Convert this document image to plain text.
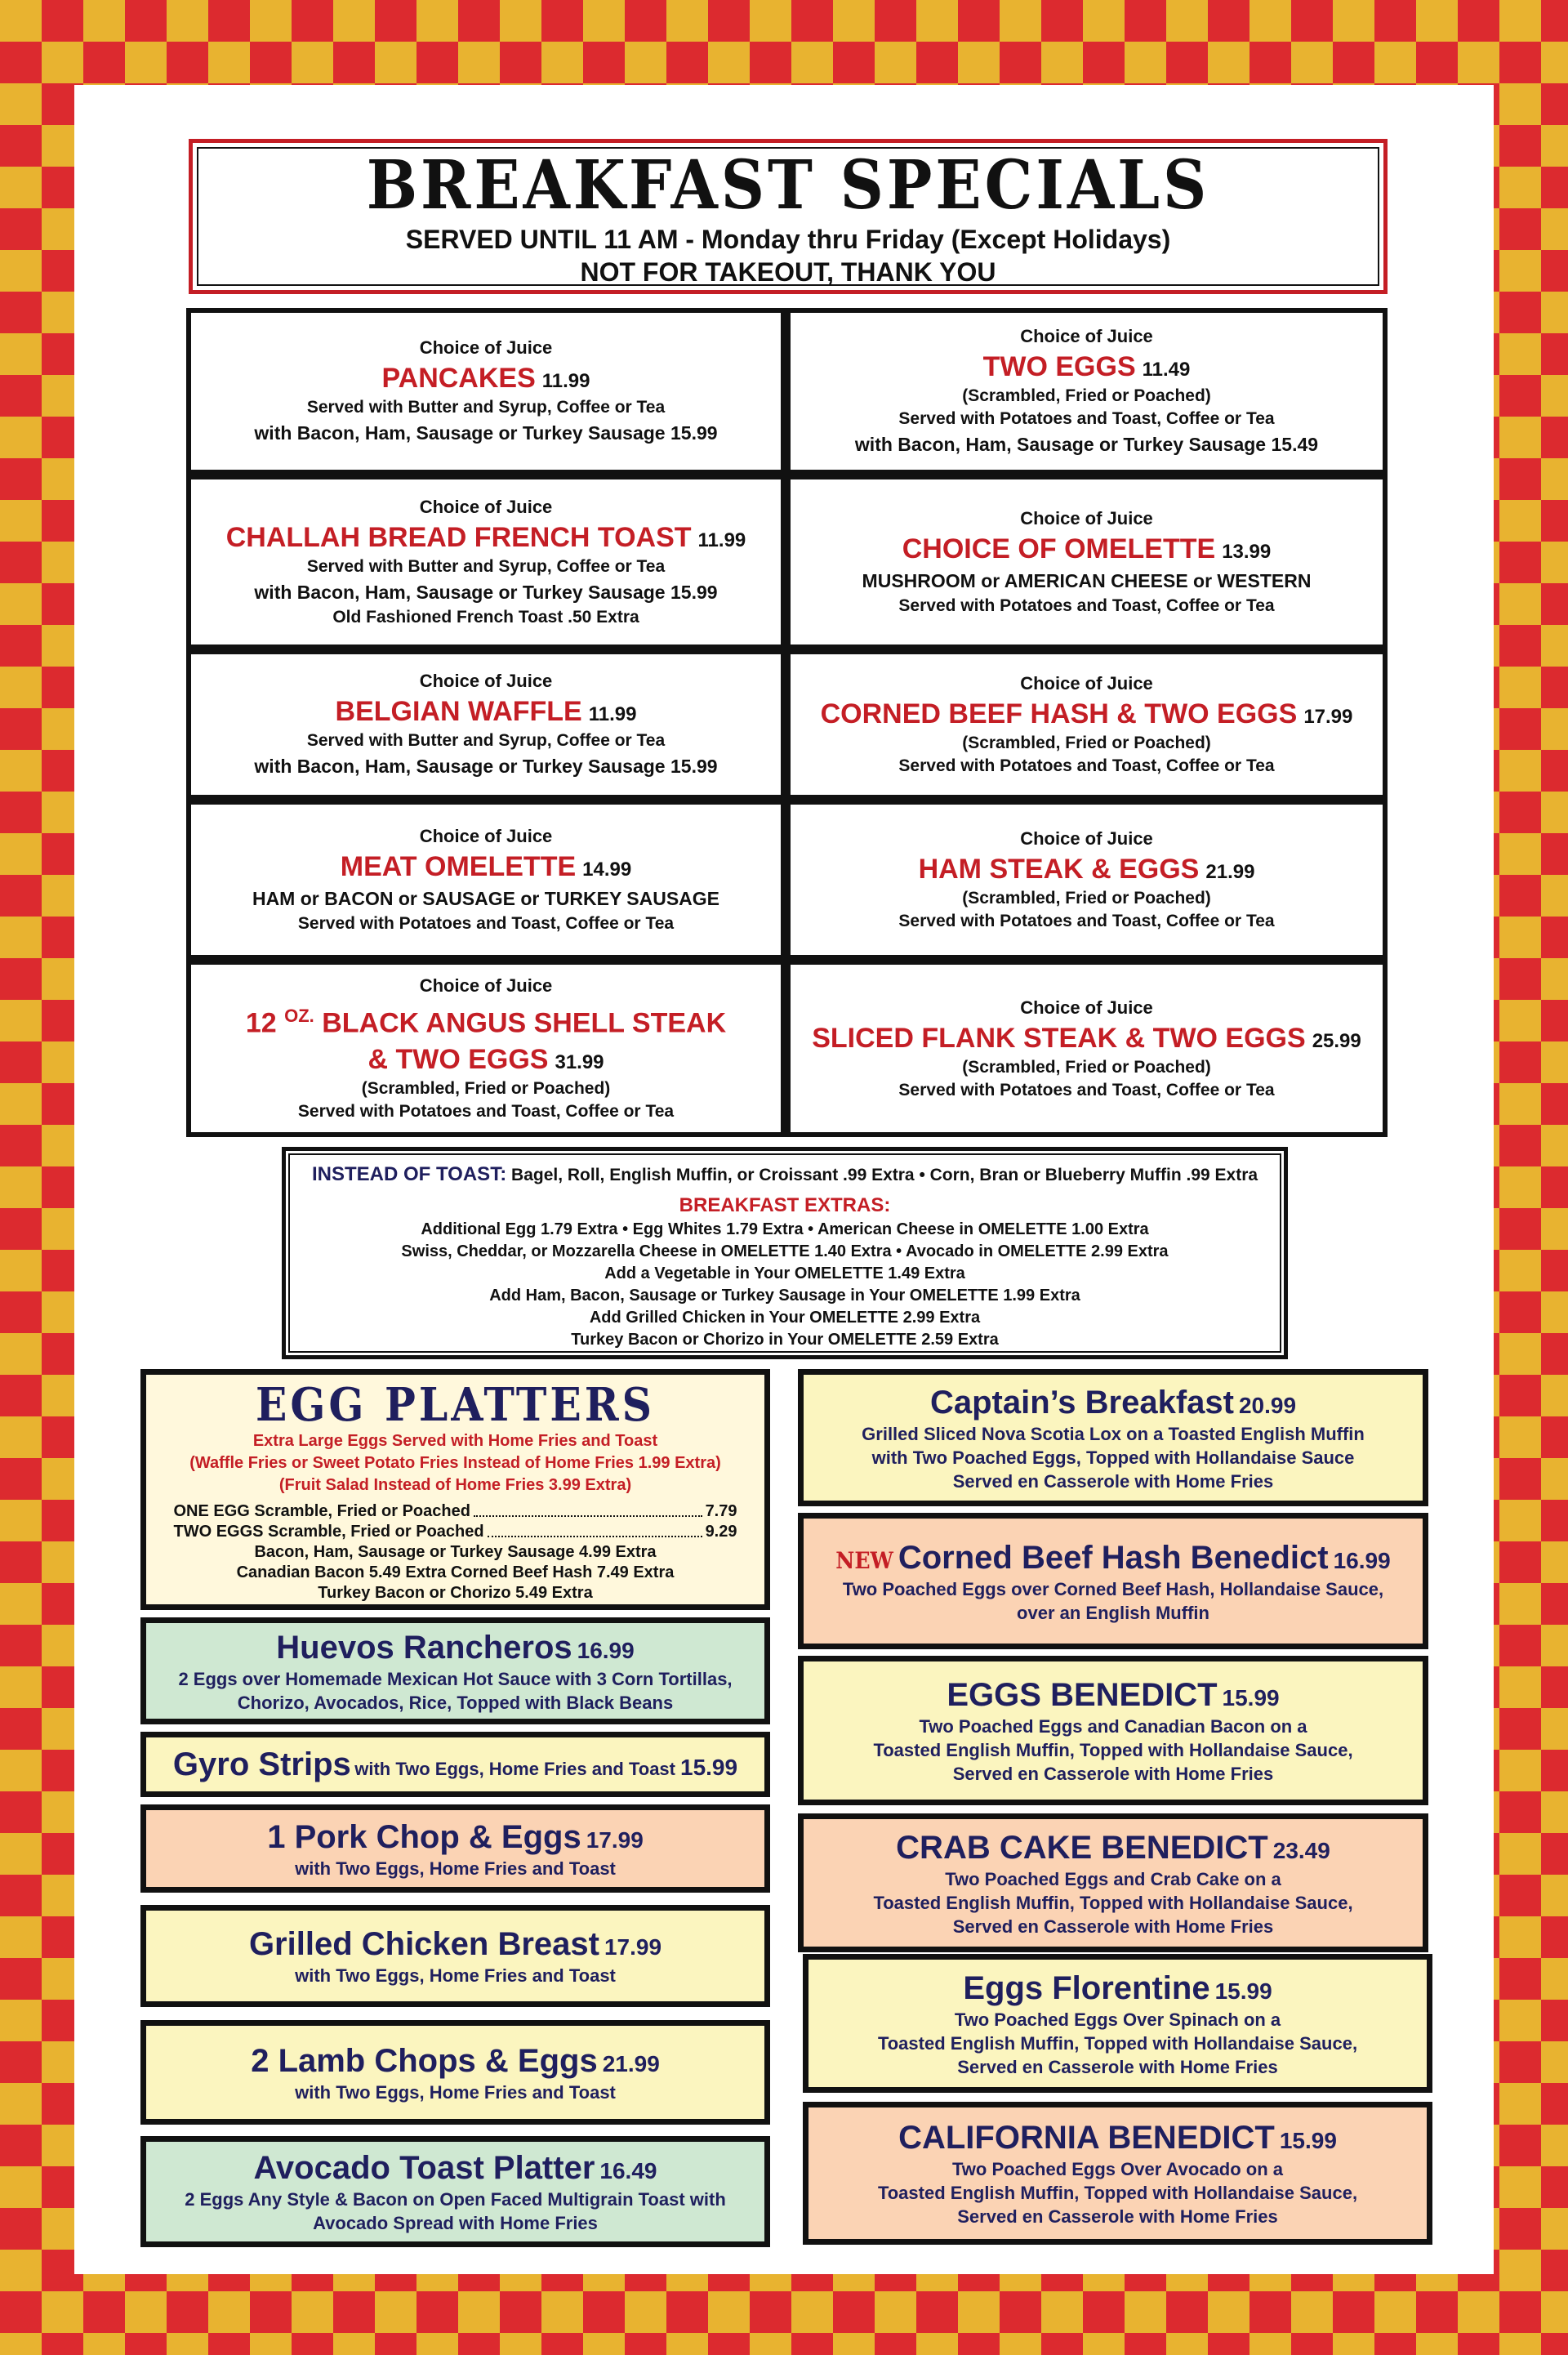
BREAKFAST SPECIALS
SERVED UNTIL 11 AM - Monday thru Friday (Except Holidays)
NOT FOR TAKEOUT, THANK YOU
Choice of Juice
PANCAKES 11.99
Served with Butter and Syrup, Coffee or Tea
with Bacon, Ham, Sausage or Turkey Sausage 15.99
Choice of Juice
TWO EGGS 11.49
(Scrambled, Fried or Poached)
Served with Potatoes and Toast, Coffee or Tea
with Bacon, Ham, Sausage or Turkey Sausage 15.49
Choice of Juice
CHALLAH BREAD FRENCH TOAST 11.99
Served with Butter and Syrup, Coffee or Tea
with Bacon, Ham, Sausage or Turkey Sausage 15.99
Old Fashioned French Toast .50 Extra
Choice of Juice
CHOICE OF OMELETTE 13.99
MUSHROOM or AMERICAN CHEESE or WESTERN
Served with Potatoes and Toast, Coffee or Tea
Choice of Juice
BELGIAN WAFFLE 11.99
Served with Butter and Syrup, Coffee or Tea
with Bacon, Ham, Sausage or Turkey Sausage 15.99
Choice of Juice
CORNED BEEF HASH & TWO EGGS 17.99
(Scrambled, Fried or Poached)
Served with Potatoes and Toast, Coffee or Tea
Choice of Juice
MEAT OMELETTE 14.99
HAM or BACON or SAUSAGE or TURKEY SAUSAGE
Served with Potatoes and Toast, Coffee or Tea
Choice of Juice
HAM STEAK & EGGS 21.99
(Scrambled, Fried or Poached)
Served with Potatoes and Toast, Coffee or Tea
Choice of Juice
12 $^{OZ.}$ BLACK ANGUS SHELL STEAK
& TWO EGGS 31.99
(Scrambled, Fried or Poached)
Served with Potatoes and Toast, Coffee or Tea
Choice of Juice
SLICED FLANK STEAK & TWO EGGS 25.99
(Scrambled, Fried or Poached)
Served with Potatoes and Toast, Coffee or Tea
INSTEAD OF TOAST: Bagel, Roll, English Muffin, or Croissant .99 Extra • Corn, Bran or Blueberry Muffin .99 Extra
BREAKFAST EXTRAS:
Additional Egg 1.79 Extra • Egg Whites 1.79 Extra • American Cheese in OMELETTE 1.00 Extra
Swiss, Cheddar, or Mozzarella Cheese in OMELETTE 1.40 Extra • Avocado in OMELETTE 2.99 Extra
Add a Vegetable in Your OMELETTE 1.49 Extra
Add Ham, Bacon, Sausage or Turkey Sausage in Your OMELETTE 1.99 Extra
Add Grilled Chicken in Your OMELETTE 2.99 Extra
Turkey Bacon or Chorizo in Your OMELETTE 2.59 Extra
EGG PLATTERS
Extra Large Eggs Served with Home Fries and Toast
(Waffle Fries or Sweet Potato Fries Instead of Home Fries 1.99 Extra)
(Fruit Salad Instead of Home Fries 3.99 Extra)
ONE EGG Scramble, Fried or Poached	7.79
TWO EGGS Scramble, Fried or Poached	9.29
Bacon, Ham, Sausage or Turkey Sausage 4.99 Extra
Canadian Bacon 5.49 Extra Corned Beef Hash 7.49 Extra
Turkey Bacon or Chorizo 5.49 Extra
Huevos Rancheros 16.99
2 Eggs over Homemade Mexican Hot Sauce with 3 Corn Tortillas,
Chorizo, Avocados, Rice, Topped with Black Beans
Gyro Strips with Two Eggs, Home Fries and Toast 15.99
1 Pork Chop & Eggs 17.99
with Two Eggs, Home Fries and Toast
Grilled Chicken Breast 17.99
with Two Eggs, Home Fries and Toast
2 Lamb Chops & Eggs 21.99
with Two Eggs, Home Fries and Toast
Avocado Toast Platter 16.49
2 Eggs Any Style & Bacon on Open Faced Multigrain Toast with
Avocado Spread with Home Fries
Captain’s Breakfast 20.99
Grilled Sliced Nova Scotia Lox on a Toasted English Muffin
with Two Poached Eggs, Topped with Hollandaise Sauce
Served en Casserole with Home Fries
NEW Corned Beef Hash Benedict 16.99
Two Poached Eggs over Corned Beef Hash, Hollandaise Sauce,
over an English Muffin
EGGS BENEDICT 15.99
Two Poached Eggs and Canadian Bacon on a
Toasted English Muffin, Topped with Hollandaise Sauce,
Served en Casserole with Home Fries
CRAB CAKE BENEDICT 23.49
Two Poached Eggs and Crab Cake on a
Toasted English Muffin, Topped with Hollandaise Sauce,
Served en Casserole with Home Fries
Eggs Florentine 15.99
Two Poached Eggs Over Spinach on a
Toasted English Muffin, Topped with Hollandaise Sauce,
Served en Casserole with Home Fries
CALIFORNIA BENEDICT 15.99
Two Poached Eggs Over Avocado on a
Toasted English Muffin, Topped with Hollandaise Sauce,
Served en Casserole with Home Fries
